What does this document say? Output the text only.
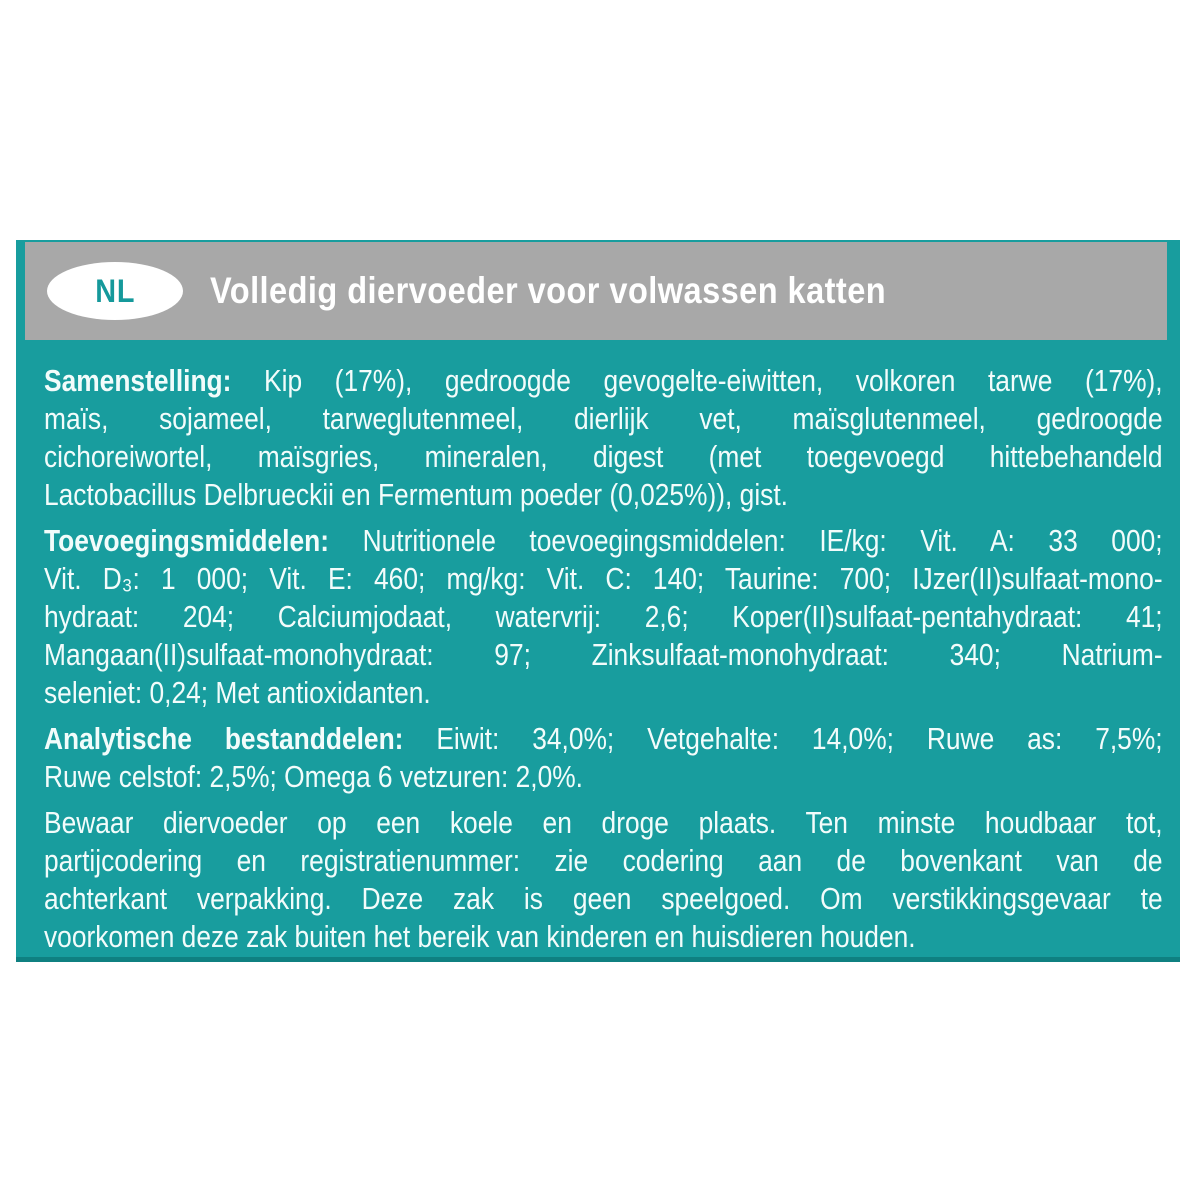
NL Volledig diervoeder voor volwassen katten
Samenstelling: Kip (17%), gedroogde gevogelte-eiwitten, volkoren tarwe (17%),
maïs, sojameel, tarweglutenmeel, dierlijk vet, maïsglutenmeel, gedroogde
cichoreiwortel, maïsgries, mineralen, digest (met toegevoegd hittebehandeld
Lactobacillus Delbrueckii en Fermentum poeder (0,025%)), gist.
Toevoegingsmiddelen: Nutritionele toevoegingsmiddelen: IE/kg: Vit. A: 33 000;
Vit. D₃: 1 000; Vit. E: 460; mg/kg: Vit. C: 140; Taurine: 700; IJzer(II)sulfaat-mono-
hydraat: 204; Calciumjodaat, watervrij: 2,6; Koper(II)sulfaat-pentahydraat: 41;
Mangaan(II)sulfaat-monohydraat: 97; Zinksulfaat-monohydraat: 340; Natrium-
seleniet: 0,24; Met antioxidanten.
Analytische bestanddelen: Eiwit: 34,0%; Vetgehalte: 14,0%; Ruwe as: 7,5%;
Ruwe celstof: 2,5%; Omega 6 vetzuren: 2,0%.
Bewaar diervoeder op een koele en droge plaats. Ten minste houdbaar tot,
partijcodering en registratienummer: zie codering aan de bovenkant van de
achterkant verpakking. Deze zak is geen speelgoed. Om verstikkingsgevaar te
voorkomen deze zak buiten het bereik van kinderen en huisdieren houden.
